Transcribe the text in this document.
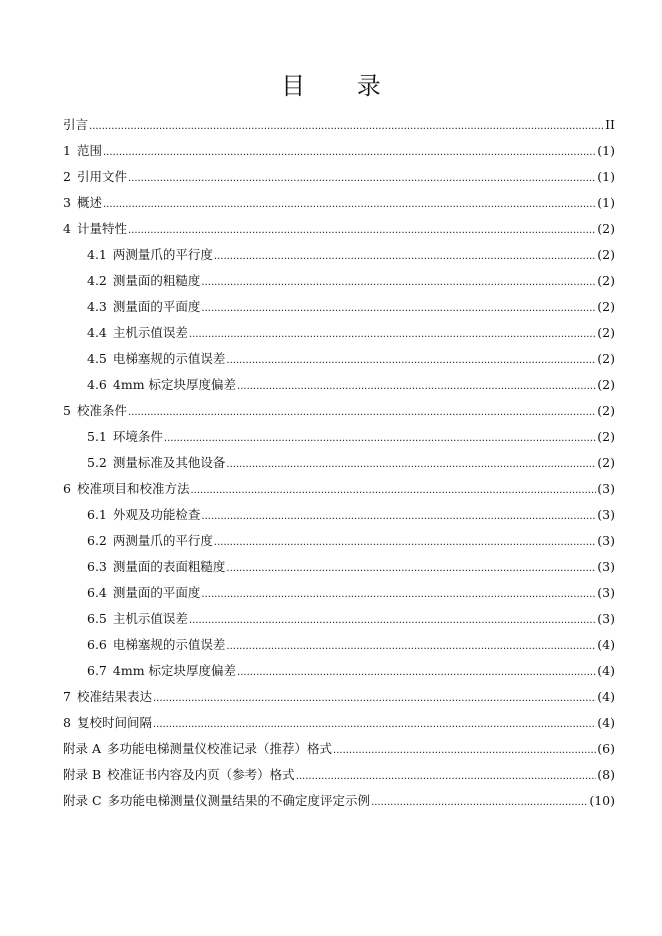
目 录
引言 .....	II
1 范围 .....	(1)
2 引用文件 .....	(1)
3 概述 .....	(1)
4 计量特性 .....	(2)
4.1 两测量爪的平行度 .....	(2)
4.2 测量面的粗糙度 .....	(2)
4.3 测量面的平面度 .....	(2)
4.4 主机示值误差 .....	(2)
4.5 电梯塞规的示值误差 .....	(2)
4.6 4mm 标定块厚度偏差 .....	(2)
5 校准条件 .....	(2)
5.1 环境条件 .....	(2)
5.2 测量标准及其他设备 .....	(2)
6 校准项目和校准方法 .....	(3)
6.1 外观及功能检查 .....	(3)
6.2 两测量爪的平行度 .....	(3)
6.3 测量面的表面粗糙度 .....	(3)
6.4 测量面的平面度 .....	(3)
6.5 主机示值误差 .....	(3)
6.6 电梯塞规的示值误差 .....	(4)
6.7 4mm 标定块厚度偏差 .....	(4)
7 校准结果表达 .....	(4)
8 复校时间间隔 .....	(4)
附录 A 多功能电梯测量仪校准记录（推荐）格式 .....	(6)
附录 B 校准证书内容及内页（参考）格式 .....	(8)
附录 C 多功能电梯测量仪测量结果的不确定度评定示例 .....	(10)
